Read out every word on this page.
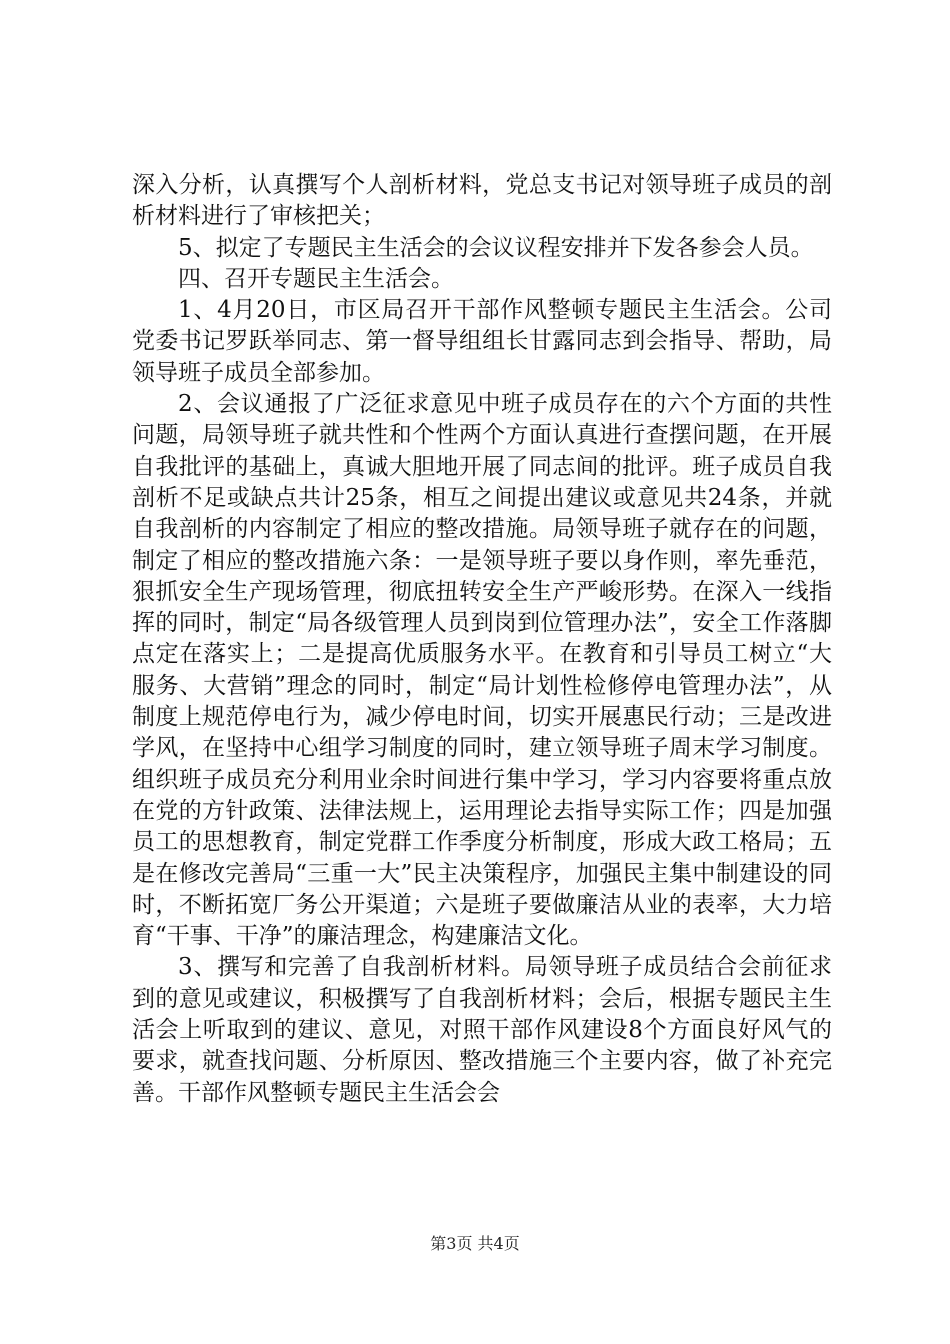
深入分析，认真撰写个人剖析材料，党总支书记对领导班子成员的剖析材料进行了审核把关；

5、拟定了专题民主生活会的会议议程安排并下发各参会人员。

四、召开专题民主生活会。

1、4月20日，市区局召开干部作风整顿专题民主生活会。公司党委书记罗跃举同志、第一督导组组长甘露同志到会指导、帮助，局领导班子成员全部参加。

2、会议通报了广泛征求意见中班子成员存在的六个方面的共性问题，局领导班子就共性和个性两个方面认真进行查摆问题，在开展自我批评的基础上，真诚大胆地开展了同志间的批评。班子成员自我剖析不足或缺点共计25条，相互之间提出建议或意见共24条，并就自我剖析的内容制定了相应的整改措施。局领导班子就存在的问题，制定了相应的整改措施六条：一是领导班子要以身作则，率先垂范，狠抓安全生产现场管理，彻底扭转安全生产严峻形势。在深入一线指挥的同时，制定“局各级管理人员到岗到位管理办法”，安全工作落脚点定在落实上；二是提高优质服务水平。在教育和引导员工树立“大服务、大营销”理念的同时，制定“局计划性检修停电管理办法”，从制度上规范停电行为，减少停电时间，切实开展惠民行动；三是改进学风，在坚持中心组学习制度的同时，建立领导班子周末学习制度。组织班子成员充分利用业余时间进行集中学习，学习内容要将重点放在党的方针政策、法律法规上，运用理论去指导实际工作；四是加强员工的思想教育，制定党群工作季度分析制度，形成大政工格局；五是在修改完善局“三重一大”民主决策程序，加强民主集中制建设的同时，不断拓宽厂务公开渠道；六是班子要做廉洁从业的表率，大力培育“干事、干净”的廉洁理念，构建廉洁文化。

3、撰写和完善了自我剖析材料。局领导班子成员结合会前征求到的意见或建议，积极撰写了自我剖析材料；会后，根据专题民主生活会上听取到的建议、意见，对照干部作风建设8个方面良好风气的要求，就查找问题、分析原因、整改措施三个主要内容，做了补充完善。干部作风整顿专题民主生活会会

第3页 共4页
